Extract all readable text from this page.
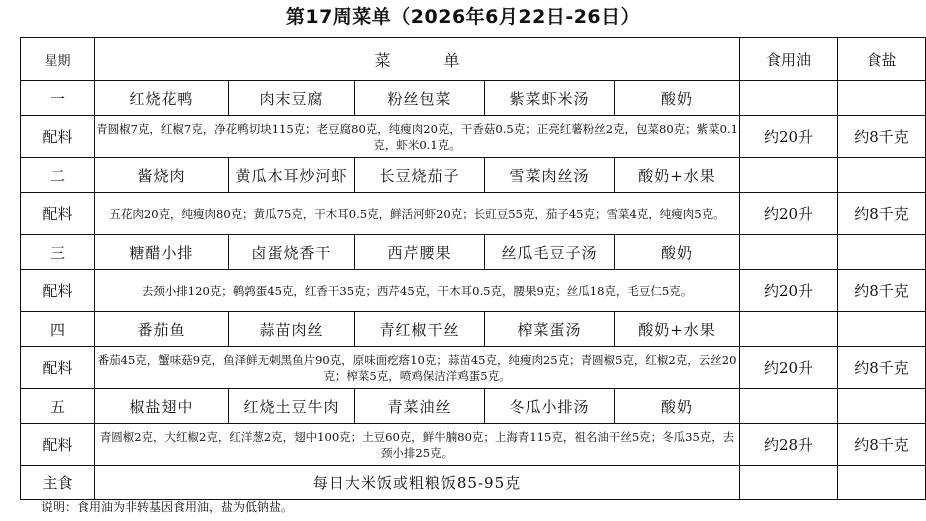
第17周菜单（2026年6月22日-26日）
星期	菜 单					食用油	食盐
一	红烧花鸭	肉末豆腐	粉丝包菜	紫菜虾米汤	酸奶		
配料	青圆椒7克，红椒7克，净花鸭切块115克；老豆腐80克，纯瘦肉20克，干香菇0.5克；正亮红薯粉丝2克，包菜80克；紫菜0.1克，虾米0.1克。					约20升	约8千克
二	酱烧肉	黄瓜木耳炒河虾	长豆烧茄子	雪菜肉丝汤	酸奶+水果		
配料	五花肉20克，纯瘦肉80克；黄瓜75克，干木耳0.5克，鲜活河虾20克；长豇豆55克，茄子45克；雪菜4克，纯瘦肉5克。					约20升	约8千克
三	糖醋小排	卤蛋烧香干	西芹腰果	丝瓜毛豆子汤	酸奶		
配料	去颈小排120克；鹌鹑蛋45克，红香干35克；西芹45克，干木耳0.5克，腰果9克；丝瓜18克，毛豆仁5克。					约20升	约8千克
四	番茄鱼	蒜苗肉丝	青红椒干丝	榨菜蛋汤	酸奶+水果		
配料	番茄45克，蟹味菇9克，鱼泽鲜无刺黑鱼片90克，原味面疙瘩10克；蒜苗45克，纯瘦肉25克；青圆椒5克，红椒2克，云丝20克；榨菜5克，喷鸡保洁洋鸡蛋5克。					约20升	约8千克
五	椒盐翅中	红烧土豆牛肉	青菜油丝	冬瓜小排汤	酸奶		
配料	青圆椒2克，大红椒2克，红洋葱2克，翅中100克；土豆60克，鲜牛腩80克；上海青115克，祖名油干丝5克；冬瓜35克，去颈小排25克。					约28升	约8千克
主食	每日大米饭或粗粮饭85-95克						
说明：食用油为非转基因食用油，盐为低钠盐。
